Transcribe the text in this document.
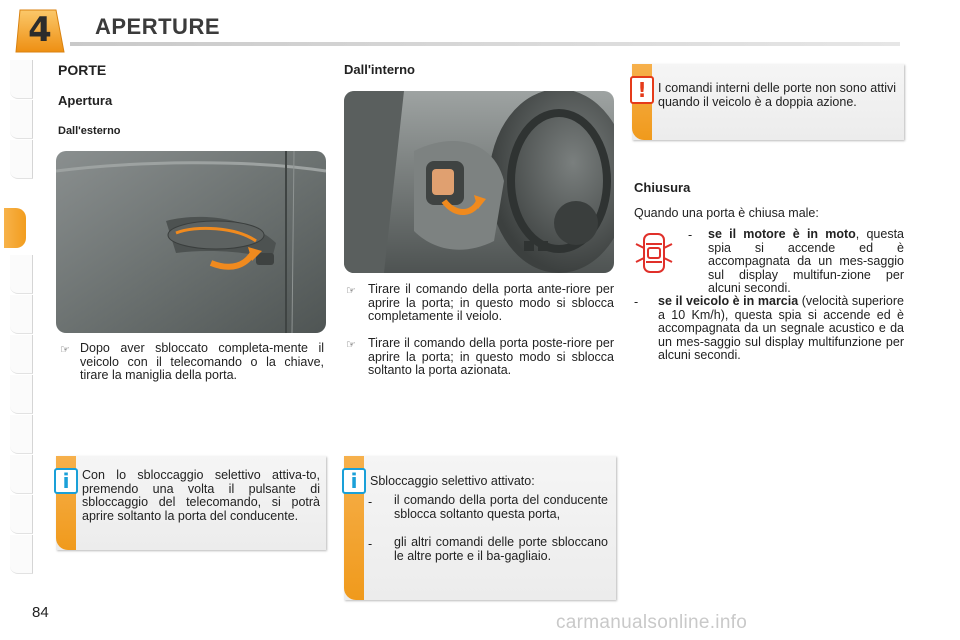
4 APERTURE
PORTE
Apertura
Dall'esterno
☞ Dopo aver sbloccato completa-mente il veicolo con il telecomando o la chiave, tirare la maniglia della porta.
i	Con lo sbloccaggio selettivo attiva-to, premendo una volta il pulsante di sbloccaggio del telecomando, si potrà aprire soltanto la porta del conducente.
Dall'interno
☞ Tirare il comando della porta ante-riore per aprire la porta; in questo modo si sblocca completamente il veiolo.
☞ Tirare il comando della porta poste-riore per aprire la porta; in questo modo si sblocca soltanto la porta azionata.
i	Sbloccaggio selettivo attivato:
- il comando della porta del conducente sblocca soltanto questa porta,
- gli altri comandi delle porte sbloccano le altre porte e il ba-gagliaio.
! I comandi interni delle porte non sono attivi quando il veicolo è a doppia azione.
Chiusura
Quando una porta è chiusa male:
- se il motore è in moto, questa spia si accende ed è accompagnata da un mes-saggio sul display multifun-zione per alcuni secondi.
- se il veicolo è in marcia (velocità superiore a 10 Km/h), questa spia si accende ed è accompagnata da un segnale acustico e da un mes-saggio sul display multifunzione per alcuni secondi.
84	carmanualsonline.info
